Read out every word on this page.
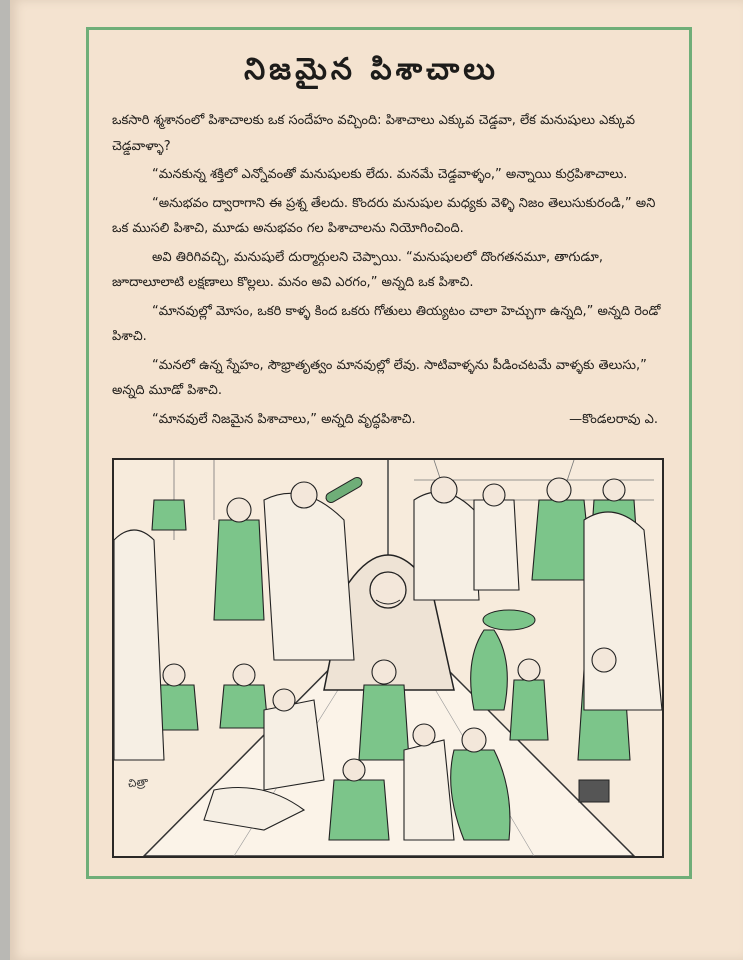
నిజమైన పిశాచాలు

ఒకసారి శ్మశానంలో పిశాచాలకు ఒక సందేహం వచ్చింది: పిశాచాలు ఎక్కువ చెడ్డవా, లేక మనుషులు ఎక్కువ చెడ్డవాళ్ళా?

“మనకున్న శక్తిలో ఎన్నోవంతో మనుషులకు లేదు. మనమే చెడ్డవాళ్ళం,” అన్నాయి కుర్రపిశాచాలు.

“అనుభవం ద్వారాగాని ఈ ప్రశ్న తేలదు. కొందరు మనుషుల మధ్యకు వెళ్ళి నిజం తెలుసుకురండి,” అని ఒక ముసలి పిశాచి, మూడు అనుభవం గల పిశాచాలను నియోగించింది.

అవి తిరిగివచ్చి, మనుషులే దుర్మార్గులని చెప్పాయి. “మనుషులలో దొంగతనమూ, తాగుడూ, జూదాలూలాటి లక్షణాలు కొల్లలు. మనం అవి ఎరగం,” అన్నది ఒక పిశాచి.

“మానవుల్లో మోసం, ఒకరి కాళ్ళ కింద ఒకరు గోతులు తియ్యటం చాలా హెచ్చుగా ఉన్నది,” అన్నది రెండో పిశాచి.

“మనలో ఉన్న స్నేహం, సౌభ్రాతృత్వం మానవుల్లో లేవు. సాటివాళ్ళను పీడించటమే వాళ్ళకు తెలుసు,” అన్నది మూడో పిశాచి.

“మానవులే నిజమైన పిశాచాలు,” అన్నది వృద్ధపిశాచి.	—కొండలరావు ఎ.

చిత్రా
